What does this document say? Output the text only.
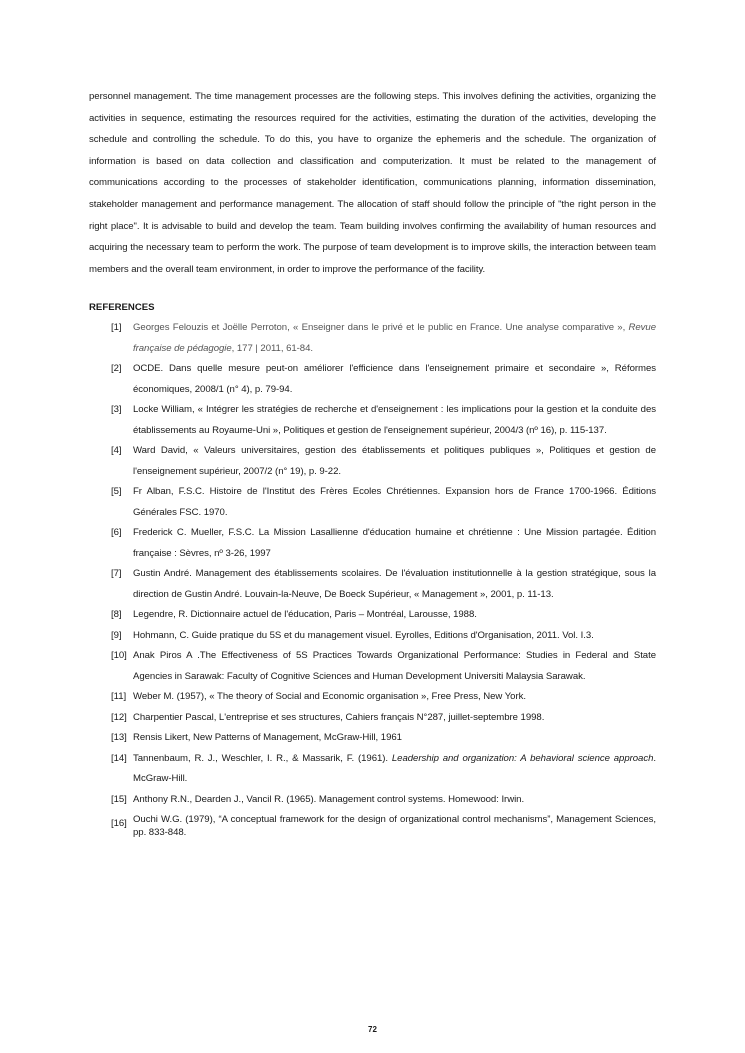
personnel management. The time management processes are the following steps. This involves defining the activities, organizing the activities in sequence, estimating the resources required for the activities, estimating the duration of the activities, developing the schedule and controlling the schedule. To do this, you have to organize the ephemeris and the schedule. The organization of information is based on data collection and classification and computerization. It must be related to the management of communications according to the processes of stakeholder identification, communications planning, information dissemination, stakeholder management and performance management. The allocation of staff should follow the principle of "the right person in the right place". It is advisable to build and develop the team. Team building involves confirming the availability of human resources and acquiring the necessary team to perform the work. The purpose of team development is to improve skills, the interaction between team members and the overall team environment, in order to improve the performance of the facility.

REFERENCES
[1]	Georges Felouzis et Joëlle Perroton, « Enseigner dans le privé et le public en France. Une analyse comparative », Revue française de pédagogie, 177 | 2011, 61-84.
[2]	OCDE. Dans quelle mesure peut-on améliorer l'efficience dans l'enseignement primaire et secondaire », Réformes économiques, 2008/1 (n° 4), p. 79-94.
[3]	Locke William, « Intégrer les stratégies de recherche et d'enseignement : les implications pour la gestion et la conduite des établissements au Royaume-Uni », Politiques et gestion de l'enseignement supérieur, 2004/3 (nº 16), p. 115-137.
[4]	Ward David, « Valeurs universitaires, gestion des établissements et politiques publiques », Politiques et gestion de l'enseignement supérieur, 2007/2 (n° 19), p. 9-22.
[5]	Fr Alban, F.S.C. Histoire de l'Institut des Frères Ecoles Chrétiennes. Expansion hors de France 1700-1966. Éditions Générales FSC. 1970.
[6]	Frederick C. Mueller, F.S.C. La Mission Lasallienne d'éducation humaine et chrétienne : Une Mission partagée. Édition française : Sèvres, nº 3-26, 1997
[7]	Gustin André. Management des établissements scolaires. De l'évaluation institutionnelle à la gestion stratégique, sous la direction de Gustin André. Louvain-la-Neuve, De Boeck Supérieur, « Management », 2001, p. 11-13.
[8]	Legendre, R. Dictionnaire actuel de l'éducation, Paris – Montréal, Larousse, 1988.
[9]	Hohmann, C. Guide pratique du 5S et du management visuel. Eyrolles, Editions d'Organisation, 2011. Vol. I.3.
[10] Anak Piros A .The Effectiveness of 5S Practices Towards Organizational Performance: Studies in Federal and State Agencies in Sarawak: Faculty of Cognitive Sciences and Human Development Universiti Malaysia Sarawak.
[11] Weber M. (1957), « The theory of Social and Economic organisation », Free Press, New York.
[12] Charpentier Pascal, L'entreprise et ses structures, Cahiers français N°287, juillet-septembre 1998.
[13] Rensis Likert, New Patterns of Management, McGraw-Hill, 1961
[14] Tannenbaum, R. J., Weschler, I. R., & Massarik, F. (1961). Leadership and organization: A behavioral science approach. McGraw-Hill.
[15] Anthony R.N., Dearden J., Vancil R. (1965). Management control systems. Homewood: Irwin.
[16] Ouchi W.G. (1979), “A conceptual framework for the design of organizational control mechanisms”, Management Sciences, pp. 833-848.
72
